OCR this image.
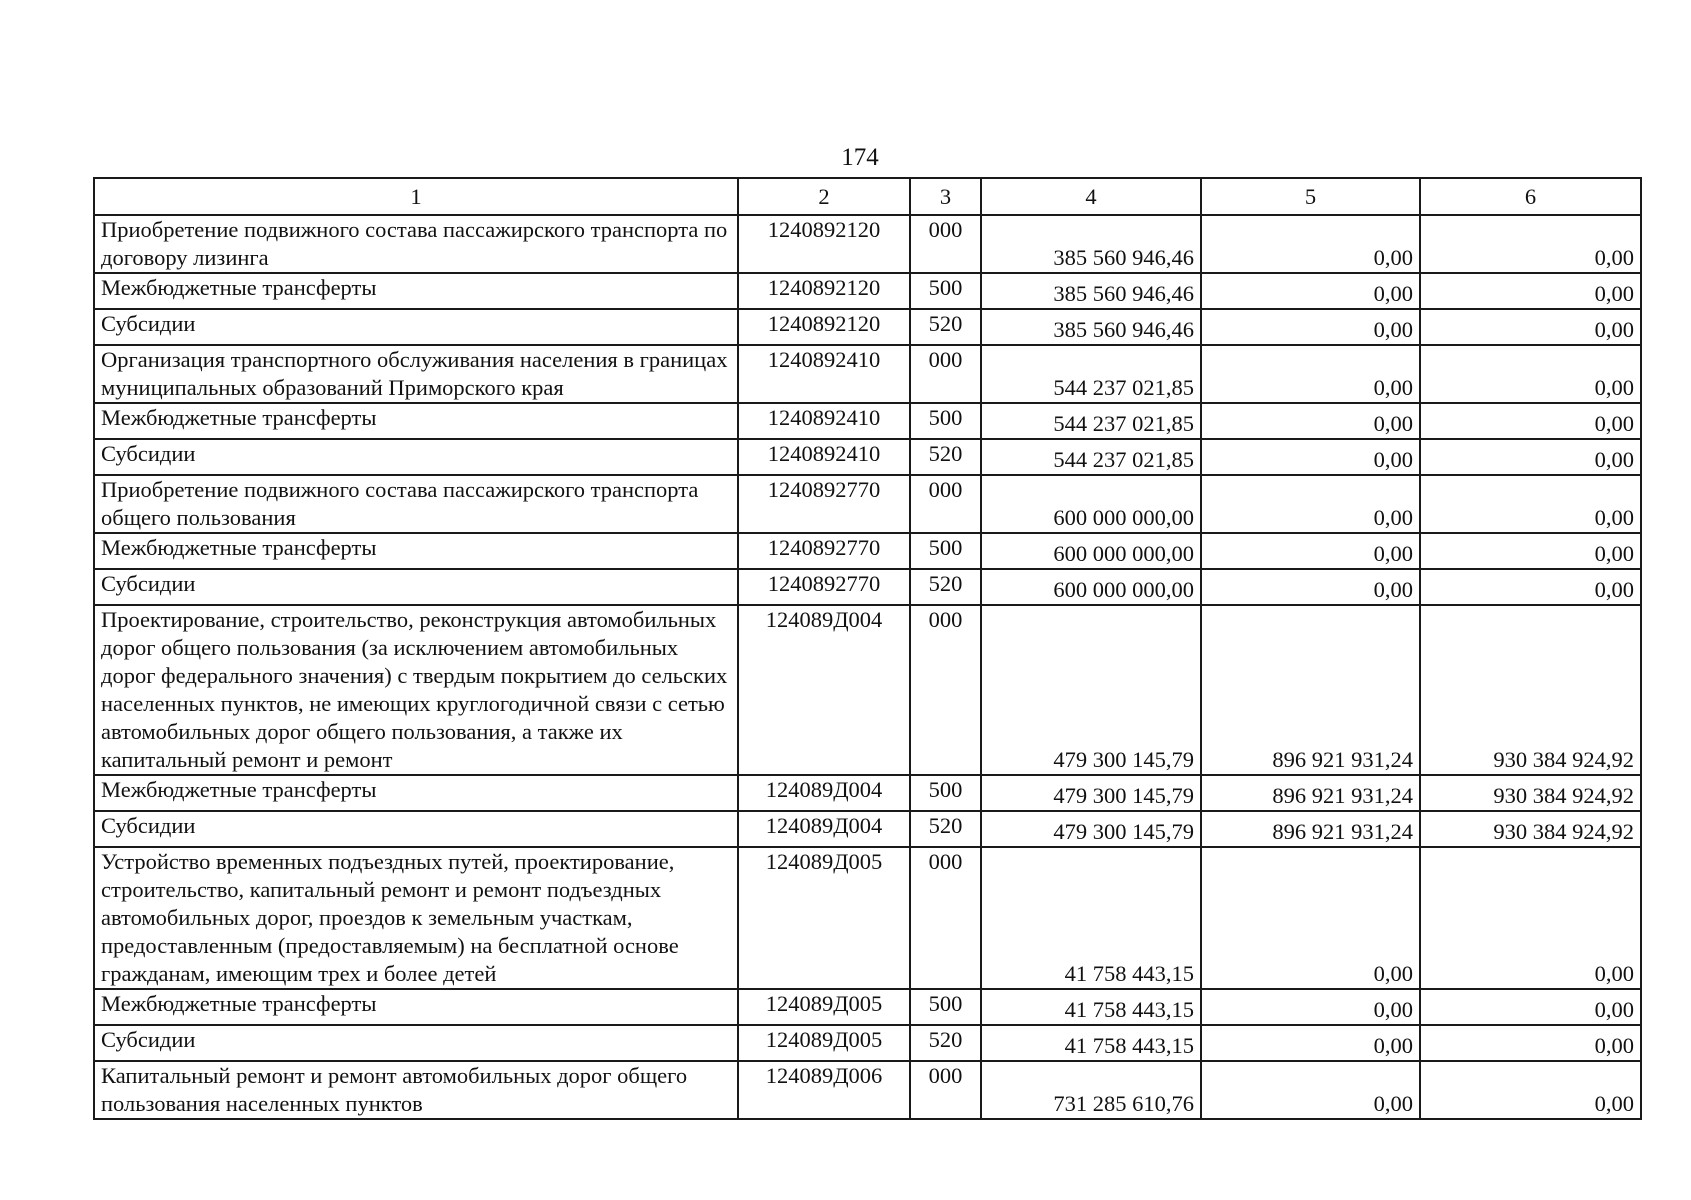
174
1	2	3	4	5	6
Приобретение подвижного состава пассажирского транспорта по договору лизинга	1240892120	000	385 560 946,46	0,00	0,00
Межбюджетные трансферты	1240892120	500	385 560 946,46	0,00	0,00
Субсидии	1240892120	520	385 560 946,46	0,00	0,00
Организация транспортного обслуживания населения в границах муниципальных образований Приморского края	1240892410	000	544 237 021,85	0,00	0,00
Межбюджетные трансферты	1240892410	500	544 237 021,85	0,00	0,00
Субсидии	1240892410	520	544 237 021,85	0,00	0,00
Приобретение подвижного состава пассажирского транспорта общего пользования	1240892770	000	600 000 000,00	0,00	0,00
Межбюджетные трансферты	1240892770	500	600 000 000,00	0,00	0,00
Субсидии	1240892770	520	600 000 000,00	0,00	0,00
Проектирование, строительство, реконструкция автомобильных дорог общего пользования (за исключением автомобильных дорог федерального значения) с твердым покрытием до сельских населенных пунктов, не имеющих круглогодичной связи с сетью автомобильных дорог общего пользования, а также их капитальный ремонт и ремонт	124089Д004	000	479 300 145,79	896 921 931,24	930 384 924,92
Межбюджетные трансферты	124089Д004	500	479 300 145,79	896 921 931,24	930 384 924,92
Субсидии	124089Д004	520	479 300 145,79	896 921 931,24	930 384 924,92
Устройство временных подъездных путей, проектирование, строительство, капитальный ремонт и ремонт подъездных автомобильных дорог, проездов к земельным участкам, предоставленным (предоставляемым) на бесплатной основе гражданам, имеющим трех и более детей	124089Д005	000	41 758 443,15	0,00	0,00
Межбюджетные трансферты	124089Д005	500	41 758 443,15	0,00	0,00
Субсидии	124089Д005	520	41 758 443,15	0,00	0,00
Капитальный ремонт и ремонт автомобильных дорог общего пользования населенных пунктов	124089Д006	000	731 285 610,76	0,00	0,00
